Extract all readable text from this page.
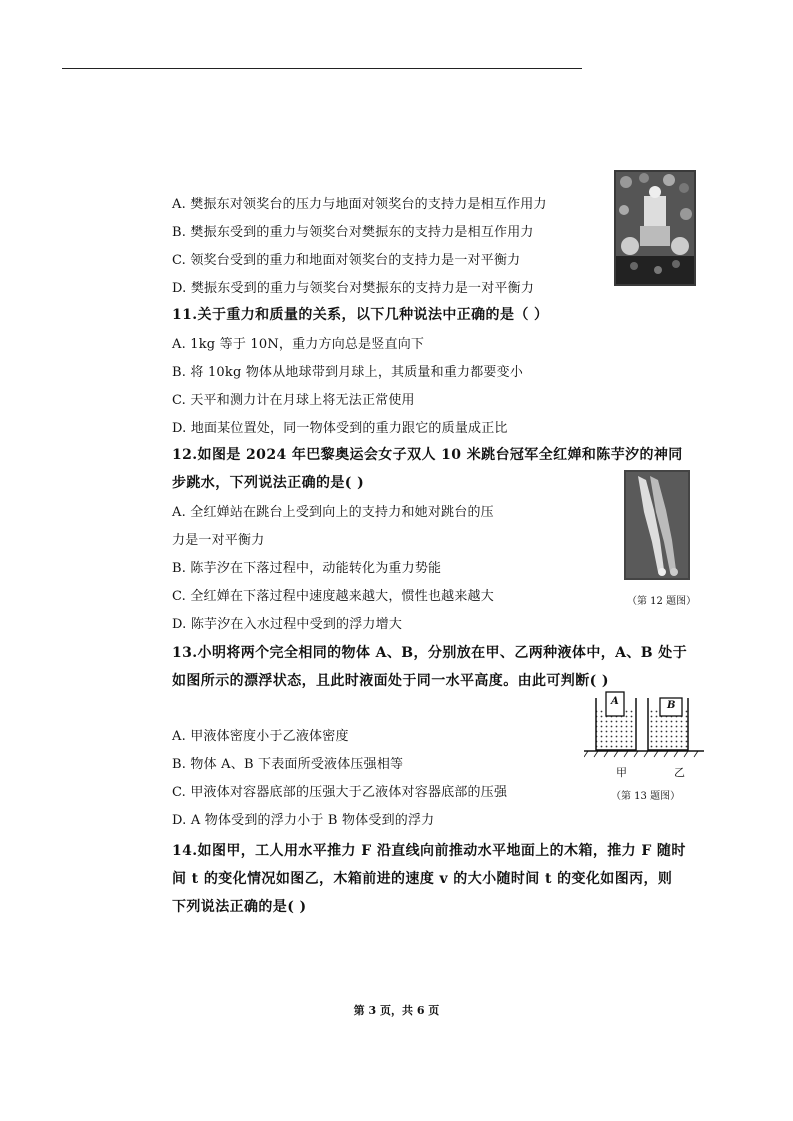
A. 樊振东对领奖台的压力与地面对领奖台的支持力是相互作用力
B. 樊振东受到的重力与领奖台对樊振东的支持力是相互作用力
C. 领奖台受到的重力和地面对领奖台的支持力是一对平衡力
D. 樊振东受到的重力与领奖台对樊振东的支持力是一对平衡力
11.关于重力和质量的关系，以下几种说法中正确的是（ ）
A. 1kg 等于 10N，重力方向总是竖直向下
B. 将 10kg 物体从地球带到月球上，其质量和重力都要变小
C. 天平和测力计在月球上将无法正常使用
D. 地面某位置处，同一物体受到的重力跟它的质量成正比
12.如图是 2024 年巴黎奥运会女子双人 10 米跳台冠军全红婵和陈芋汐的神同
步跳水，下列说法正确的是( )
A. 全红婵站在跳台上受到向上的支持力和她对跳台的压
力是一对平衡力
B. 陈芋汐在下落过程中，动能转化为重力势能
C. 全红婵在下落过程中速度越来越大，惯性也越来越大
D. 陈芋汐在入水过程中受到的浮力增大
（第 12 题图）
13.小明将两个完全相同的物体 A、B，分别放在甲、乙两种液体中，A、B 处于
如图所示的漂浮状态，且此时液面处于同一水平高度。由此可判断( )
A. 甲液体密度小于乙液体密度
B. 物体 A、B 下表面所受液体压强相等
C. 甲液体对容器底部的压强大于乙液体对容器底部的压强
D. A 物体受到的浮力小于 B 物体受到的浮力
A	B
甲	乙
（第 13 题图）
14.如图甲，工人用水平推力 F 沿直线向前推动水平地面上的木箱，推力 F 随时
间 t 的变化情况如图乙，木箱前进的速度 v 的大小随时间 t 的变化如图丙，则
下列说法正确的是( )
第 3 页，共 6 页
